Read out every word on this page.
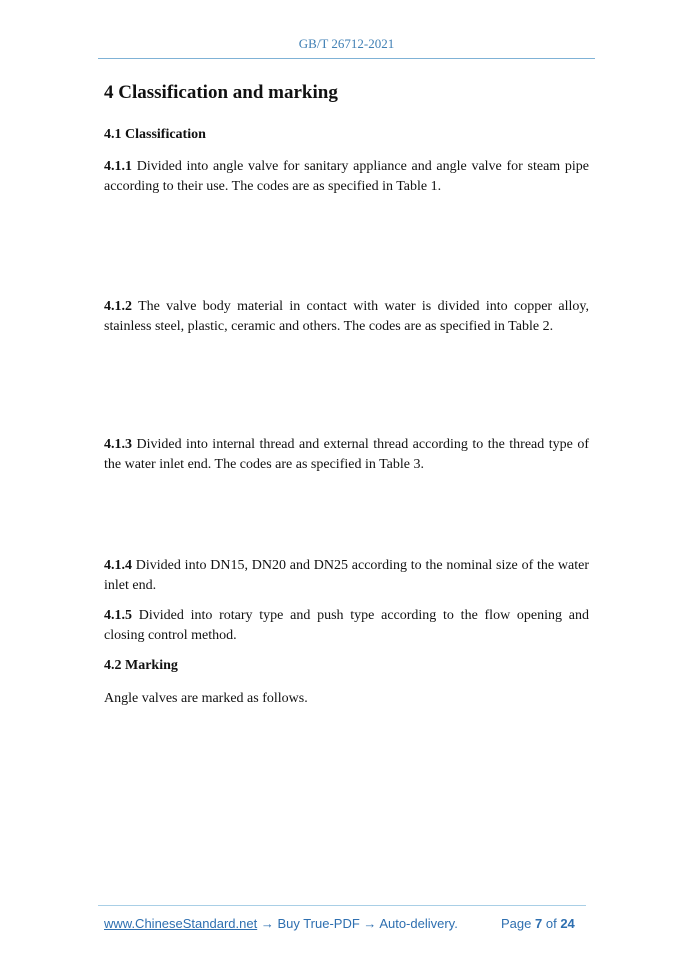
GB/T 26712-2021
4 Classification and marking
4.1 Classification

4.1.1 Divided into angle valve for sanitary appliance and angle valve for steam pipe according to their use. The codes are as specified in Table 1.

4.1.2 The valve body material in contact with water is divided into copper alloy, stainless steel, plastic, ceramic and others. The codes are as specified in Table 2.

4.1.3 Divided into internal thread and external thread according to the thread type of the water inlet end. The codes are as specified in Table 3.

4.1.4 Divided into DN15, DN20 and DN25 according to the nominal size of the water inlet end.

4.1.5 Divided into rotary type and push type according to the flow opening and closing control method.

4.2 Marking

Angle valves are marked as follows.

www.ChineseStandard.net → Buy True-PDF → Auto-delivery.	Page 7 of 24
